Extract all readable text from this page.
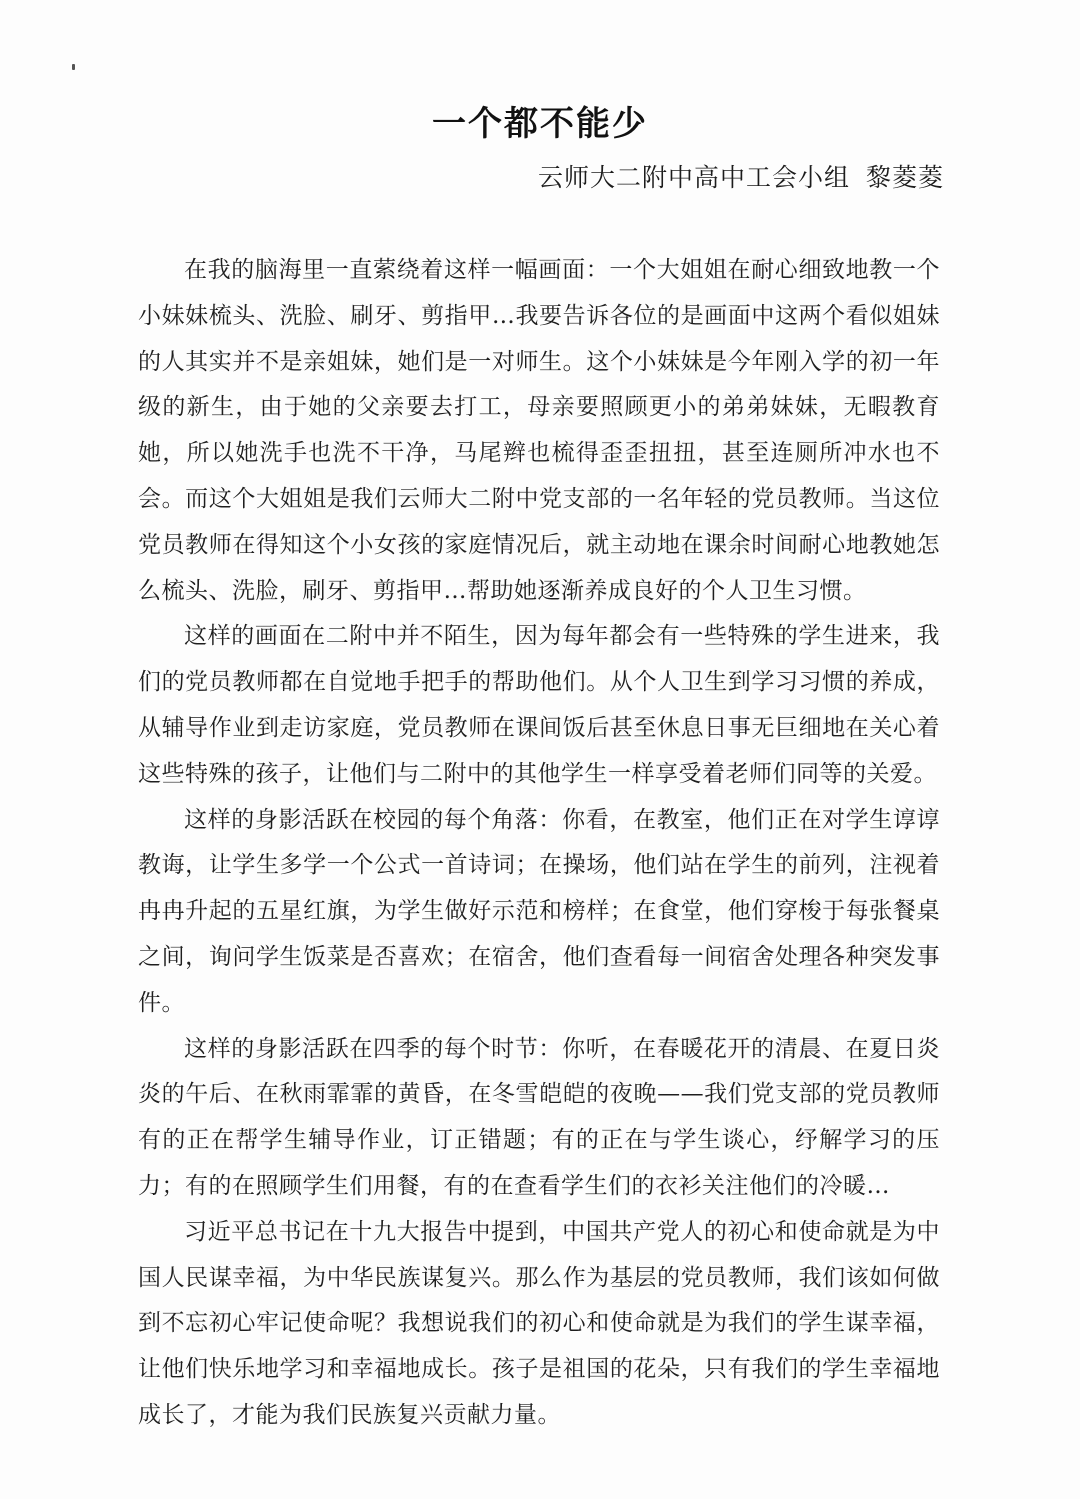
一个都不能少
云师大二附中高中工会小组 黎菱菱

在我的脑海里一直萦绕着这样一幅画面：一个大姐姐在耐心细致地教一个小妹妹梳头、洗脸、刷牙、剪指甲…我要告诉各位的是画面中这两个看似姐妹的人其实并不是亲姐妹，她们是一对师生。这个小妹妹是今年刚入学的初一年级的新生，由于她的父亲要去打工，母亲要照顾更小的弟弟妹妹，无暇教育她，所以她洗手也洗不干净，马尾辫也梳得歪歪扭扭，甚至连厕所冲水也不会。而这个大姐姐是我们云师大二附中党支部的一名年轻的党员教师。当这位党员教师在得知这个小女孩的家庭情况后，就主动地在课余时间耐心地教她怎么梳头、洗脸，刷牙、剪指甲…帮助她逐渐养成良好的个人卫生习惯。

这样的画面在二附中并不陌生，因为每年都会有一些特殊的学生进来，我们的党员教师都在自觉地手把手的帮助他们。从个人卫生到学习习惯的养成，从辅导作业到走访家庭，党员教师在课间饭后甚至休息日事无巨细地在关心着这些特殊的孩子，让他们与二附中的其他学生一样享受着老师们同等的关爱。

这样的身影活跃在校园的每个角落：你看，在教室，他们正在对学生谆谆教诲，让学生多学一个公式一首诗词；在操场，他们站在学生的前列，注视着冉冉升起的五星红旗，为学生做好示范和榜样；在食堂，他们穿梭于每张餐桌之间，询问学生饭菜是否喜欢；在宿舍，他们查看每一间宿舍处理各种突发事件。

这样的身影活跃在四季的每个时节：你听，在春暖花开的清晨、在夏日炎炎的午后、在秋雨霏霏的黄昏，在冬雪皑皑的夜晚——我们党支部的党员教师有的正在帮学生辅导作业，订正错题；有的正在与学生谈心，纾解学习的压力；有的在照顾学生们用餐，有的在查看学生们的衣衫关注他们的冷暖…

习近平总书记在十九大报告中提到，中国共产党人的初心和使命就是为中国人民谋幸福，为中华民族谋复兴。那么作为基层的党员教师，我们该如何做到不忘初心牢记使命呢？我想说我们的初心和使命就是为我们的学生谋幸福，让他们快乐地学习和幸福地成长。孩子是祖国的花朵，只有我们的学生幸福地成长了，才能为我们民族复兴贡献力量。
